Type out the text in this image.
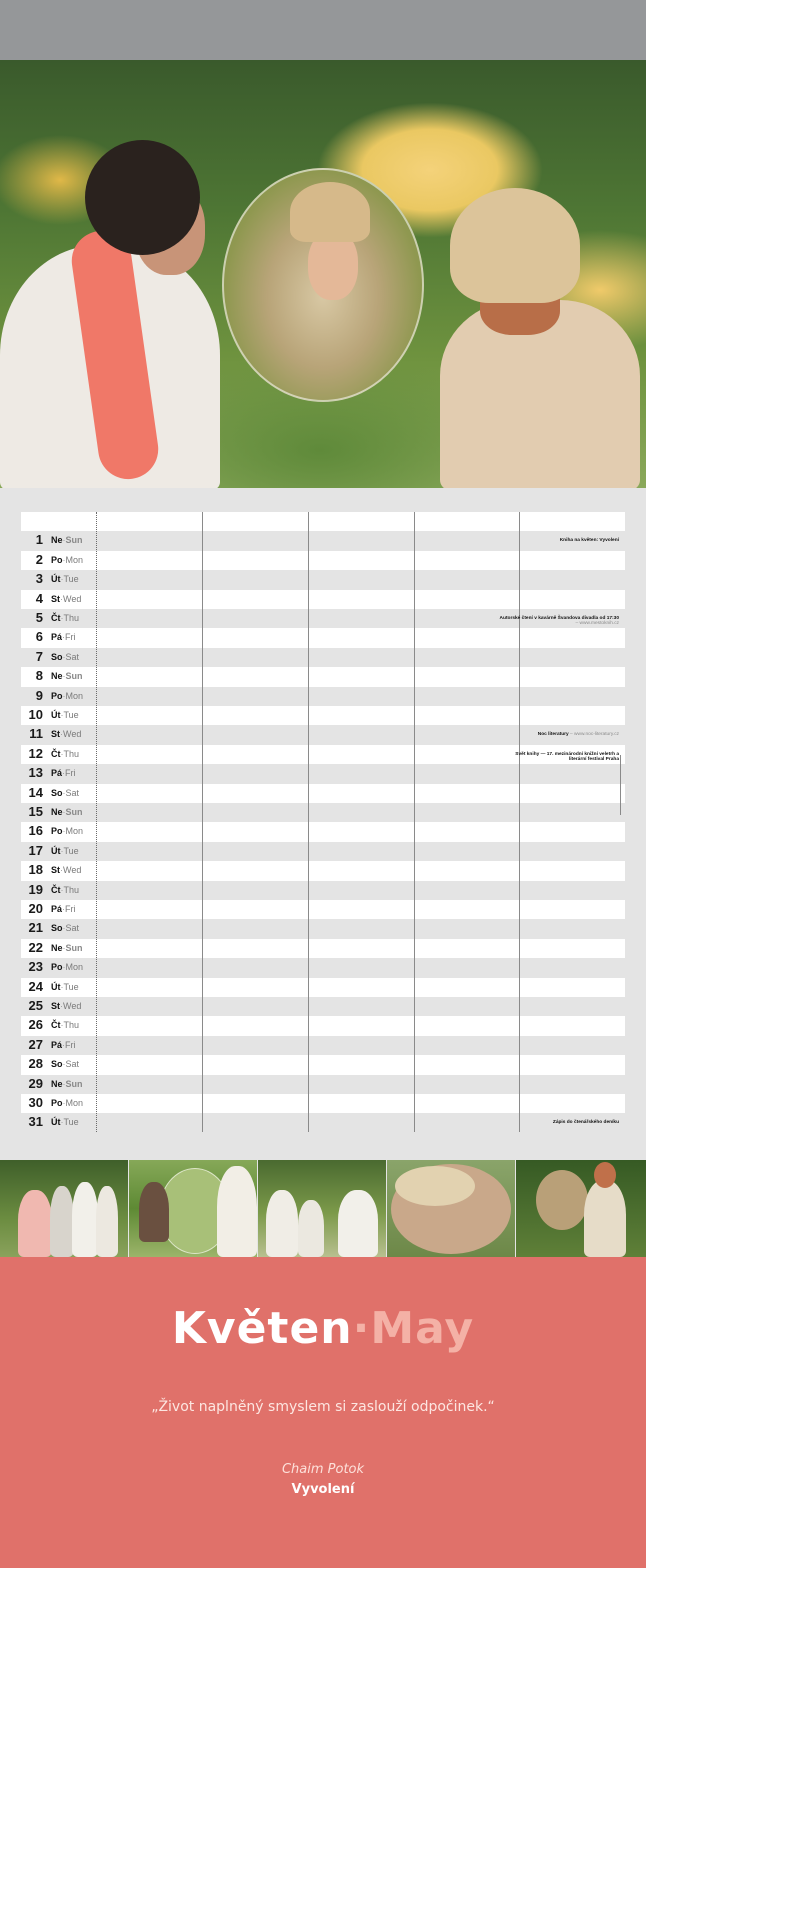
1 Ne·Sun
2 Po·Mon
3 Út·Tue
4 St·Wed
5 Čt·Thu
6 Pá·Fri
7 So·Sat
8 Ne·Sun
9 Po·Mon
10 Út·Tue
11 St·Wed
12 Čt·Thu
13 Pá·Fri
14 So·Sat
15 Ne·Sun
16 Po·Mon
17 Út·Tue
18 St·Wed
19 Čt·Thu
20 Pá·Fri
21 So·Sat
22 Ne·Sun
23 Po·Mon
24 Út·Tue
25 St·Wed
26 Čt·Thu
27 Pá·Fri
28 So·Sat
29 Ne·Sun
30 Po·Mon
31 Út·Tue
Kniha na květen: Vyvolení
Autorské čtení v kavárně Švandova divadla od 17:30 – www.mestoknih.cz
Noc literatury – www.noc-literatury.cz
Svět knihy — 17. mezinárodní knižní veletrh a literární festival Praha
Zápis do čtenářského deníku
Květen·May
„Život naplněný smyslem si zaslouží odpočinek.“
Chaim Potok
Vyvolení
